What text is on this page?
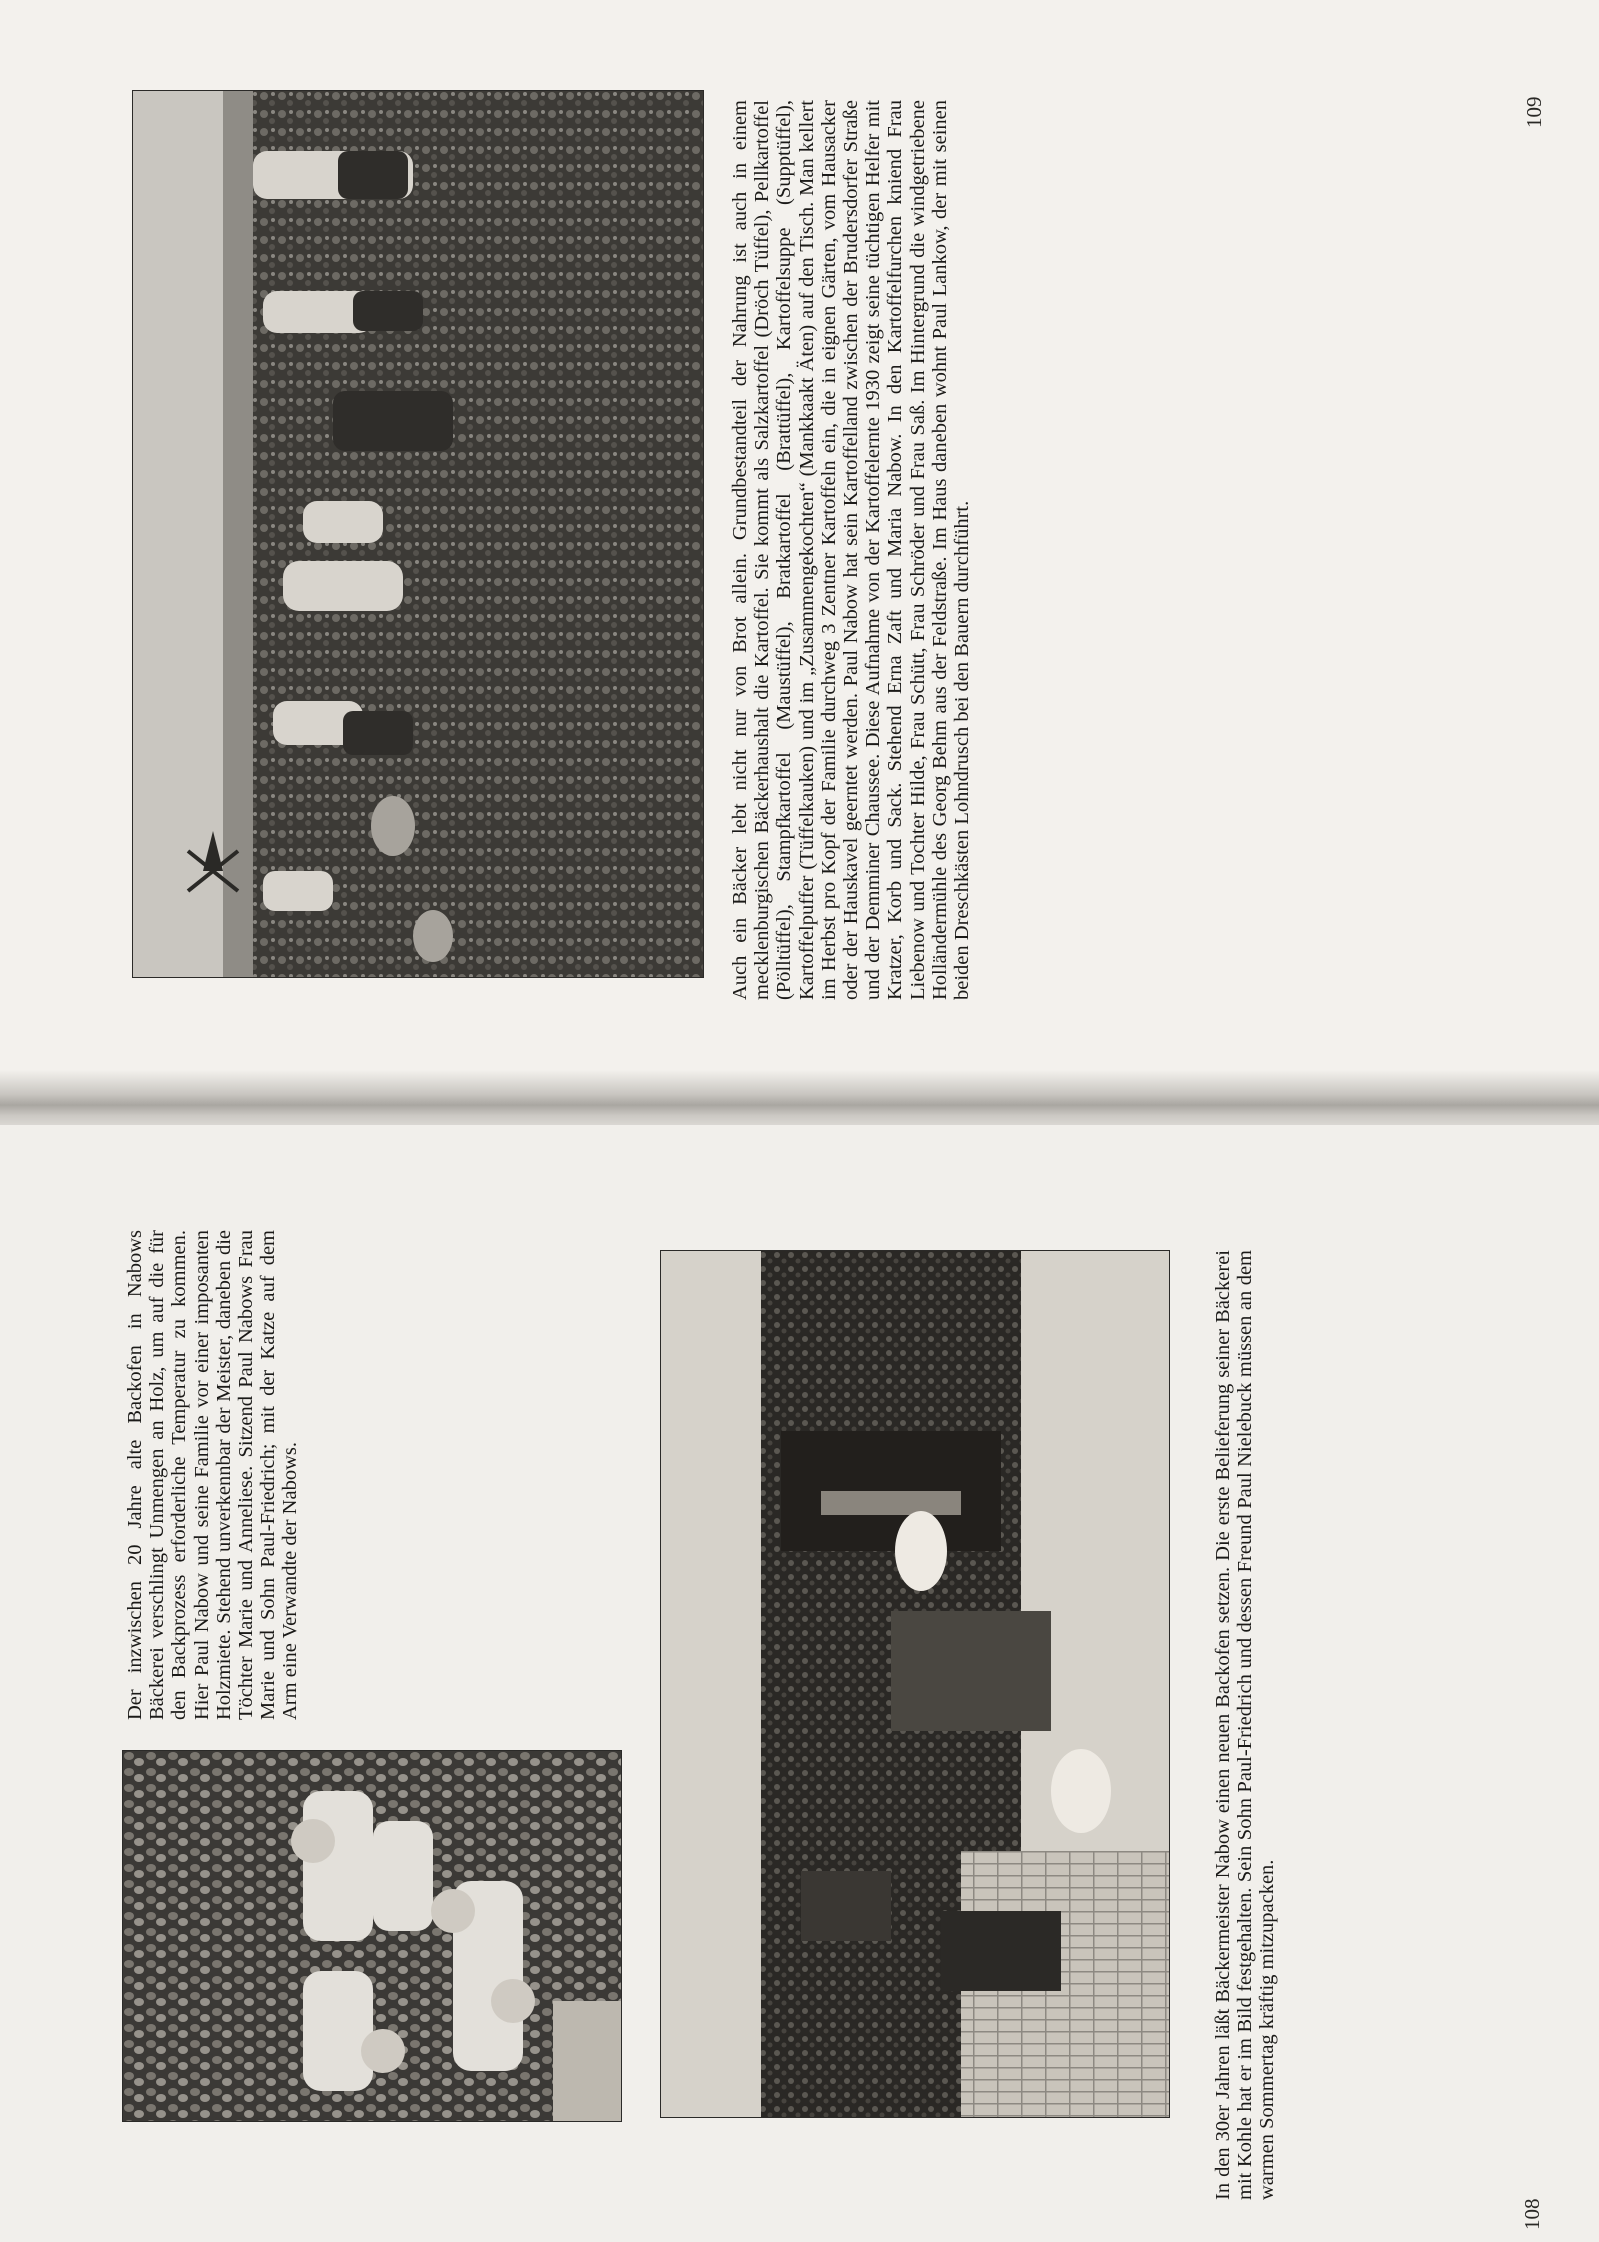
Auch ein Bäcker lebt nicht nur von Brot allein. Grundbestandteil der Nahrung ist auch in einem mecklenburgischen Bäckerhaushalt die Kartoffel. Sie kommt als Salzkartoffel (Dröch Tüffel), Pellkartoffel (Pölltüffel), Stampfkartoffel (Maustüffel), Bratkartoffel (Brattüffel), Kartoffelsuppe (Supptüffel), Kartoffelpuffer (Tüffelkauken) und im „Zusammengekochten“ (Mankkaakt Äten) auf den Tisch. Man kellert im Herbst pro Kopf der Familie durchweg 3 Zentner Kartoffeln ein, die in eignen Gärten, vom Hausacker oder der Hauskavel geerntet werden. Paul Nabow hat sein Kartoffelland zwischen der Brudersdorfer Straße und der Demminer Chaussee. Diese Aufnahme von der Kartoffelernte 1930 zeigt seine tüchtigen Helfer mit Kratzer, Korb und Sack. Stehend Erna Zaft und Maria Nabow. In den Kartoffelfurchen kniend Frau Liebenow und Tochter Hilde, Frau Schütt, Frau Schröder und Frau Saß. Im Hintergrund die windgetriebene Holländermühle des Georg Behm aus der Feldstraße. Im Haus daneben wohnt Paul Lankow, der mit seinen beiden Dreschkästen Lohndrusch bei den Bauern durchführt.

109

Der inzwischen 20 Jahre alte Backofen in Nabows Bäckerei verschlingt Unmengen an Holz, um auf die für den Backprozess erforderliche Temperatur zu kommen. Hier Paul Nabow und seine Familie vor einer imposanten Holzmiete. Stehend unverkennbar der Meister, daneben die Töchter Marie und Anneliese. Sitzend Paul Nabows Frau Marie und Sohn Paul-Friedrich; mit der Katze auf dem Arm eine Verwandte der Nabows.	In den 30er Jahren läßt Bäckermeister Nabow einen neuen Backofen setzen. Die erste Belieferung seiner Bäckerei mit Kohle hat er im Bild festgehalten. Sein Sohn Paul-Friedrich und dessen Freund Paul Nielebuck müssen an dem warmen Sommertag kräftig mitzupacken.

108
